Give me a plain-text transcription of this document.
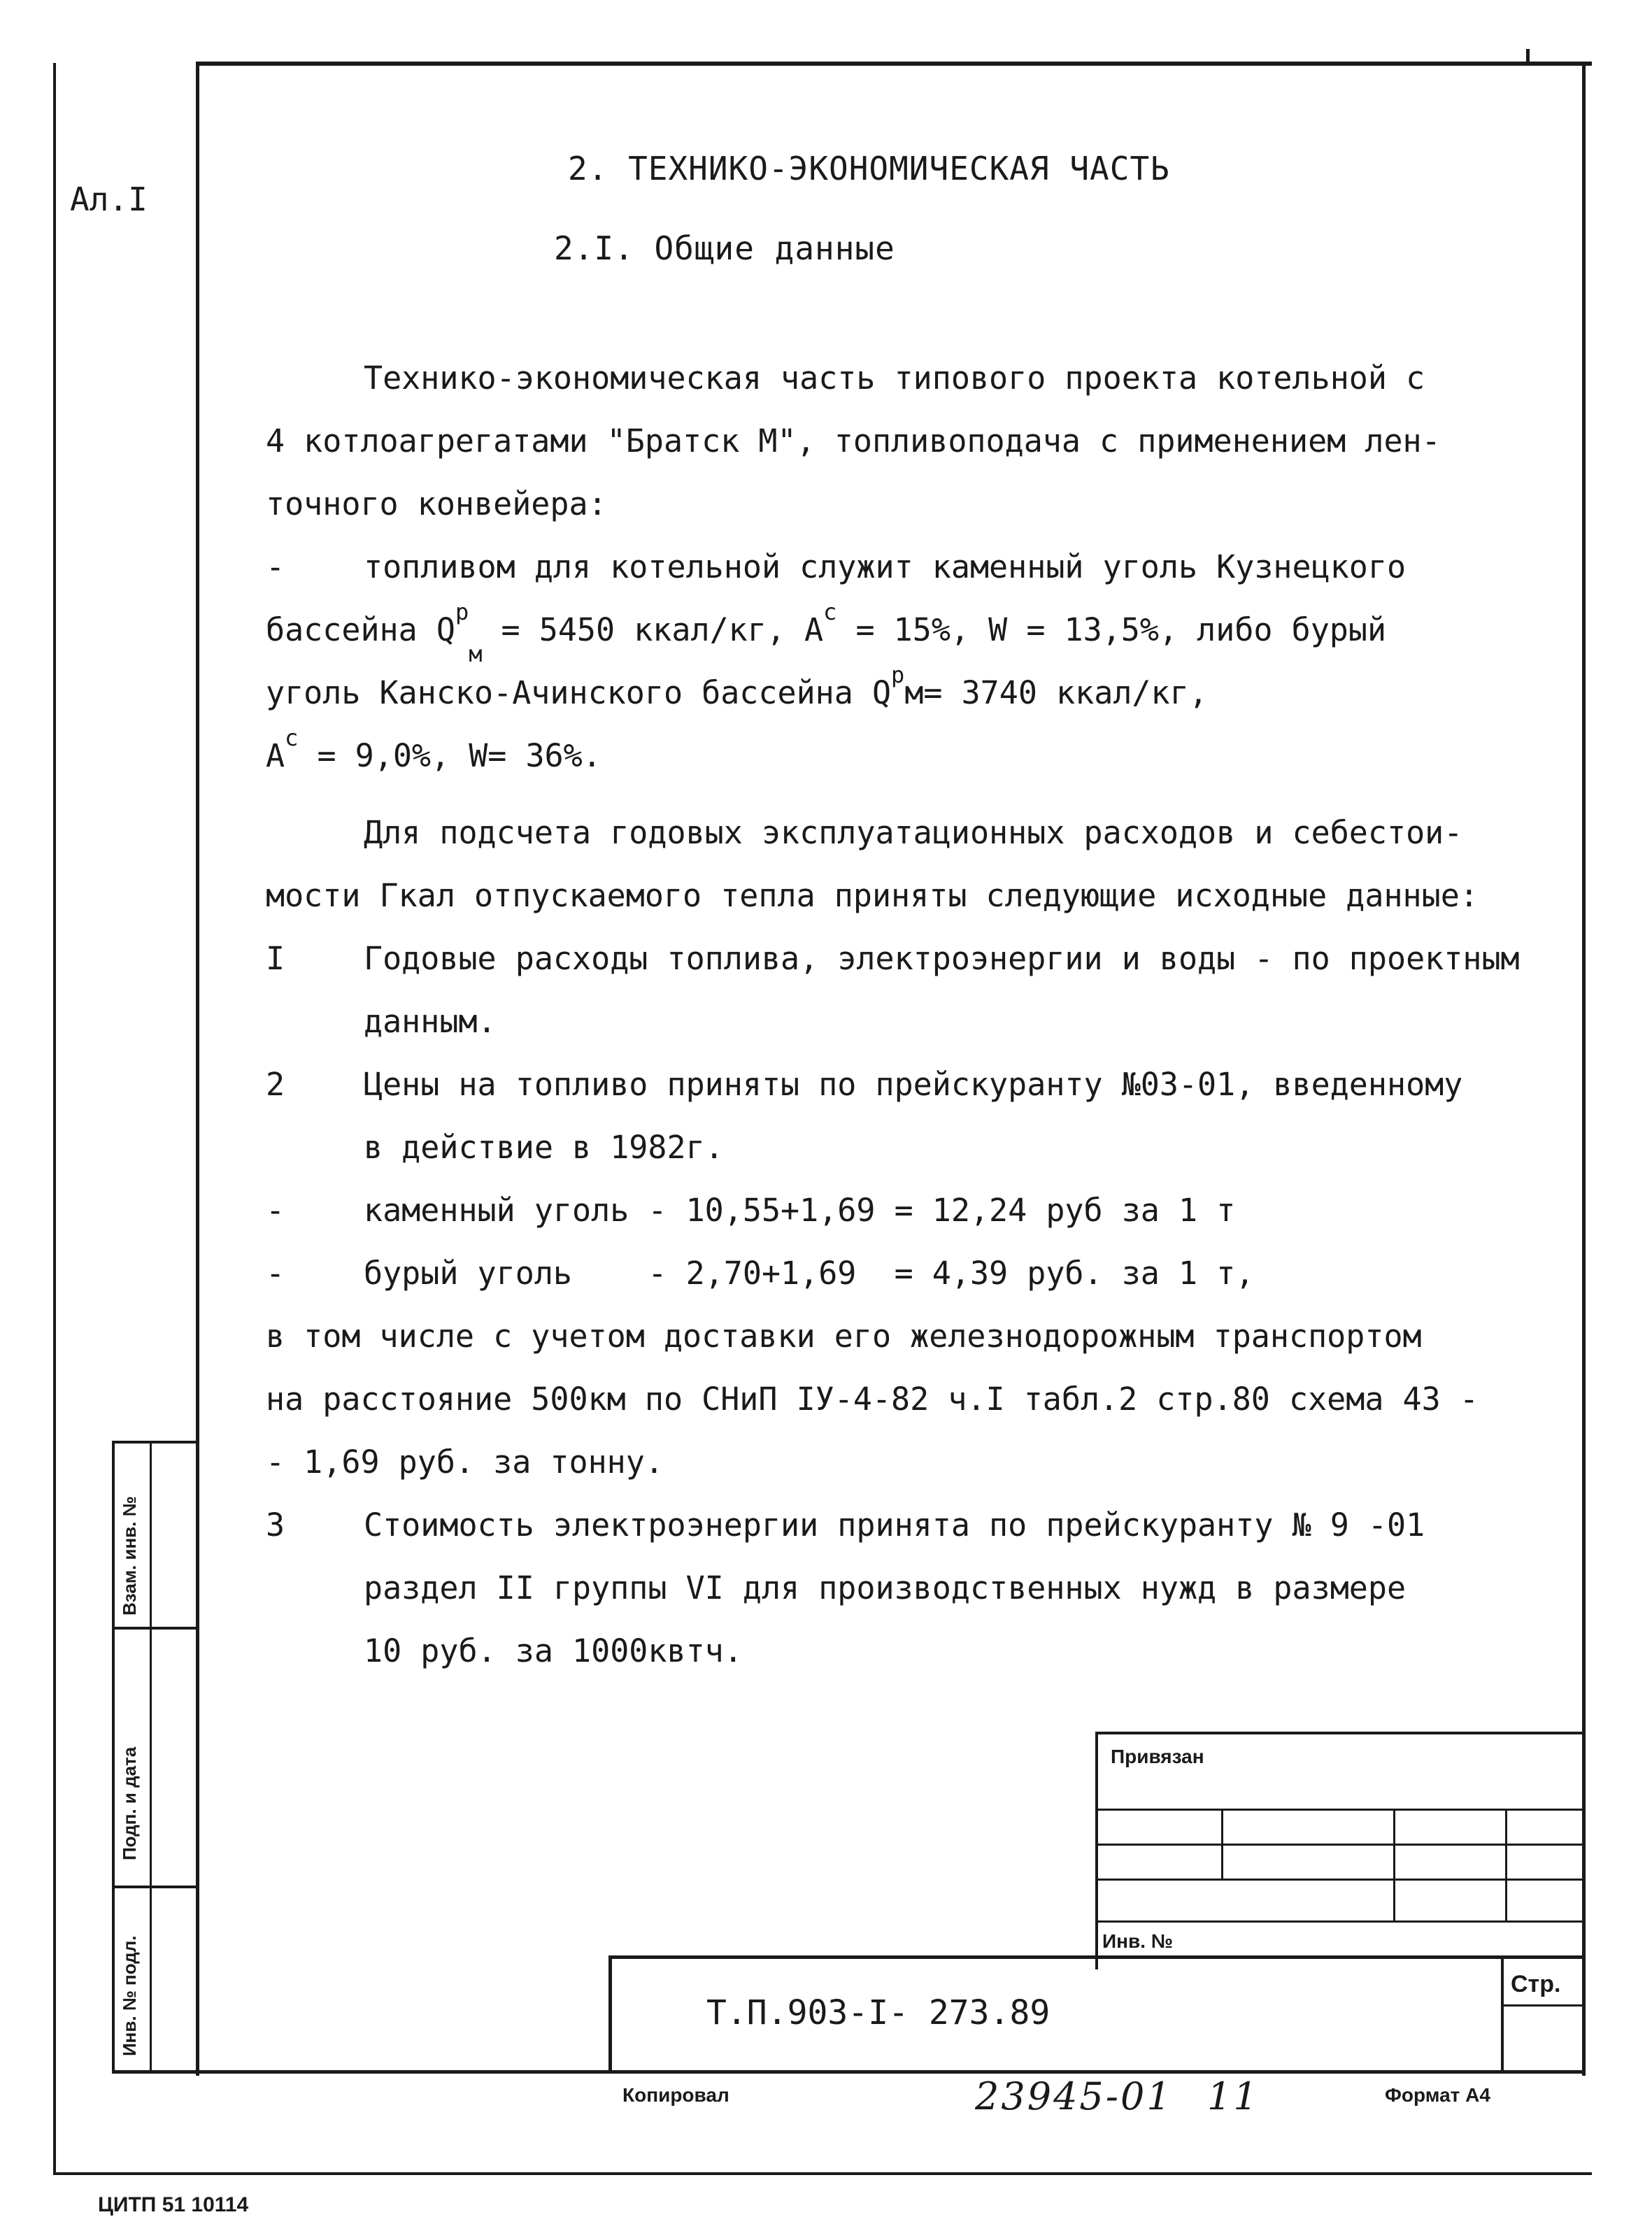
Ал.I
2. ТЕХНИКО-ЭКОНОМИЧЕСКАЯ ЧАСТЬ
2.I. Общие данные
Технико-экономическая часть типового проекта котельной с
4 котлоагрегатами "Братск М", топливоподача с применением лен-
точного конвейера:
-	топливом для котельной служит каменный уголь Кузнецкого
бассейна $Q^р_м = 5450$ ккал/кг, $A^с = 15\%$, W = 13,5%, либо бурый
уголь Канско-Ачинского бассейна $Q^рм= 3740$ ккал/кг,
$A^с = 9,0\%$, W= 36%.
Для подсчета годовых эксплуатационных расходов и себестои-
мости Гкал отпускаемого тепла приняты следующие исходные данные:
I	Годовые расходы топлива, электроэнергии и воды - по проектным
данным.
2	Цены на топливо приняты по прейскуранту №03-01, введенному
в действие в 1982г.
-	каменный уголь - 10,55+1,69 = 12,24 руб за 1 т
-	бурый уголь    - 2,70+1,69  = 4,39 руб. за 1 т,
в том числе с учетом доставки его железнодорожным транспортом
на расстояние 500км по СНиП IУ-4-82 ч.I табл.2 стр.80 схема 43 -
- 1,69 руб. за тонну.
3	Стоимость электроэнергии принята по прейскуранту № 9 -01
раздел II группы VI для производственных нужд в размере
10 руб. за 1000квтч.
Взам. инв. №
Подп. и дата
Инв. № подл.
Привязан
Инв. №
Стр.
Т.П.903-I- 273.89
Копировал	23945-01 11	Формат А4
ЦИТП 51 10114
